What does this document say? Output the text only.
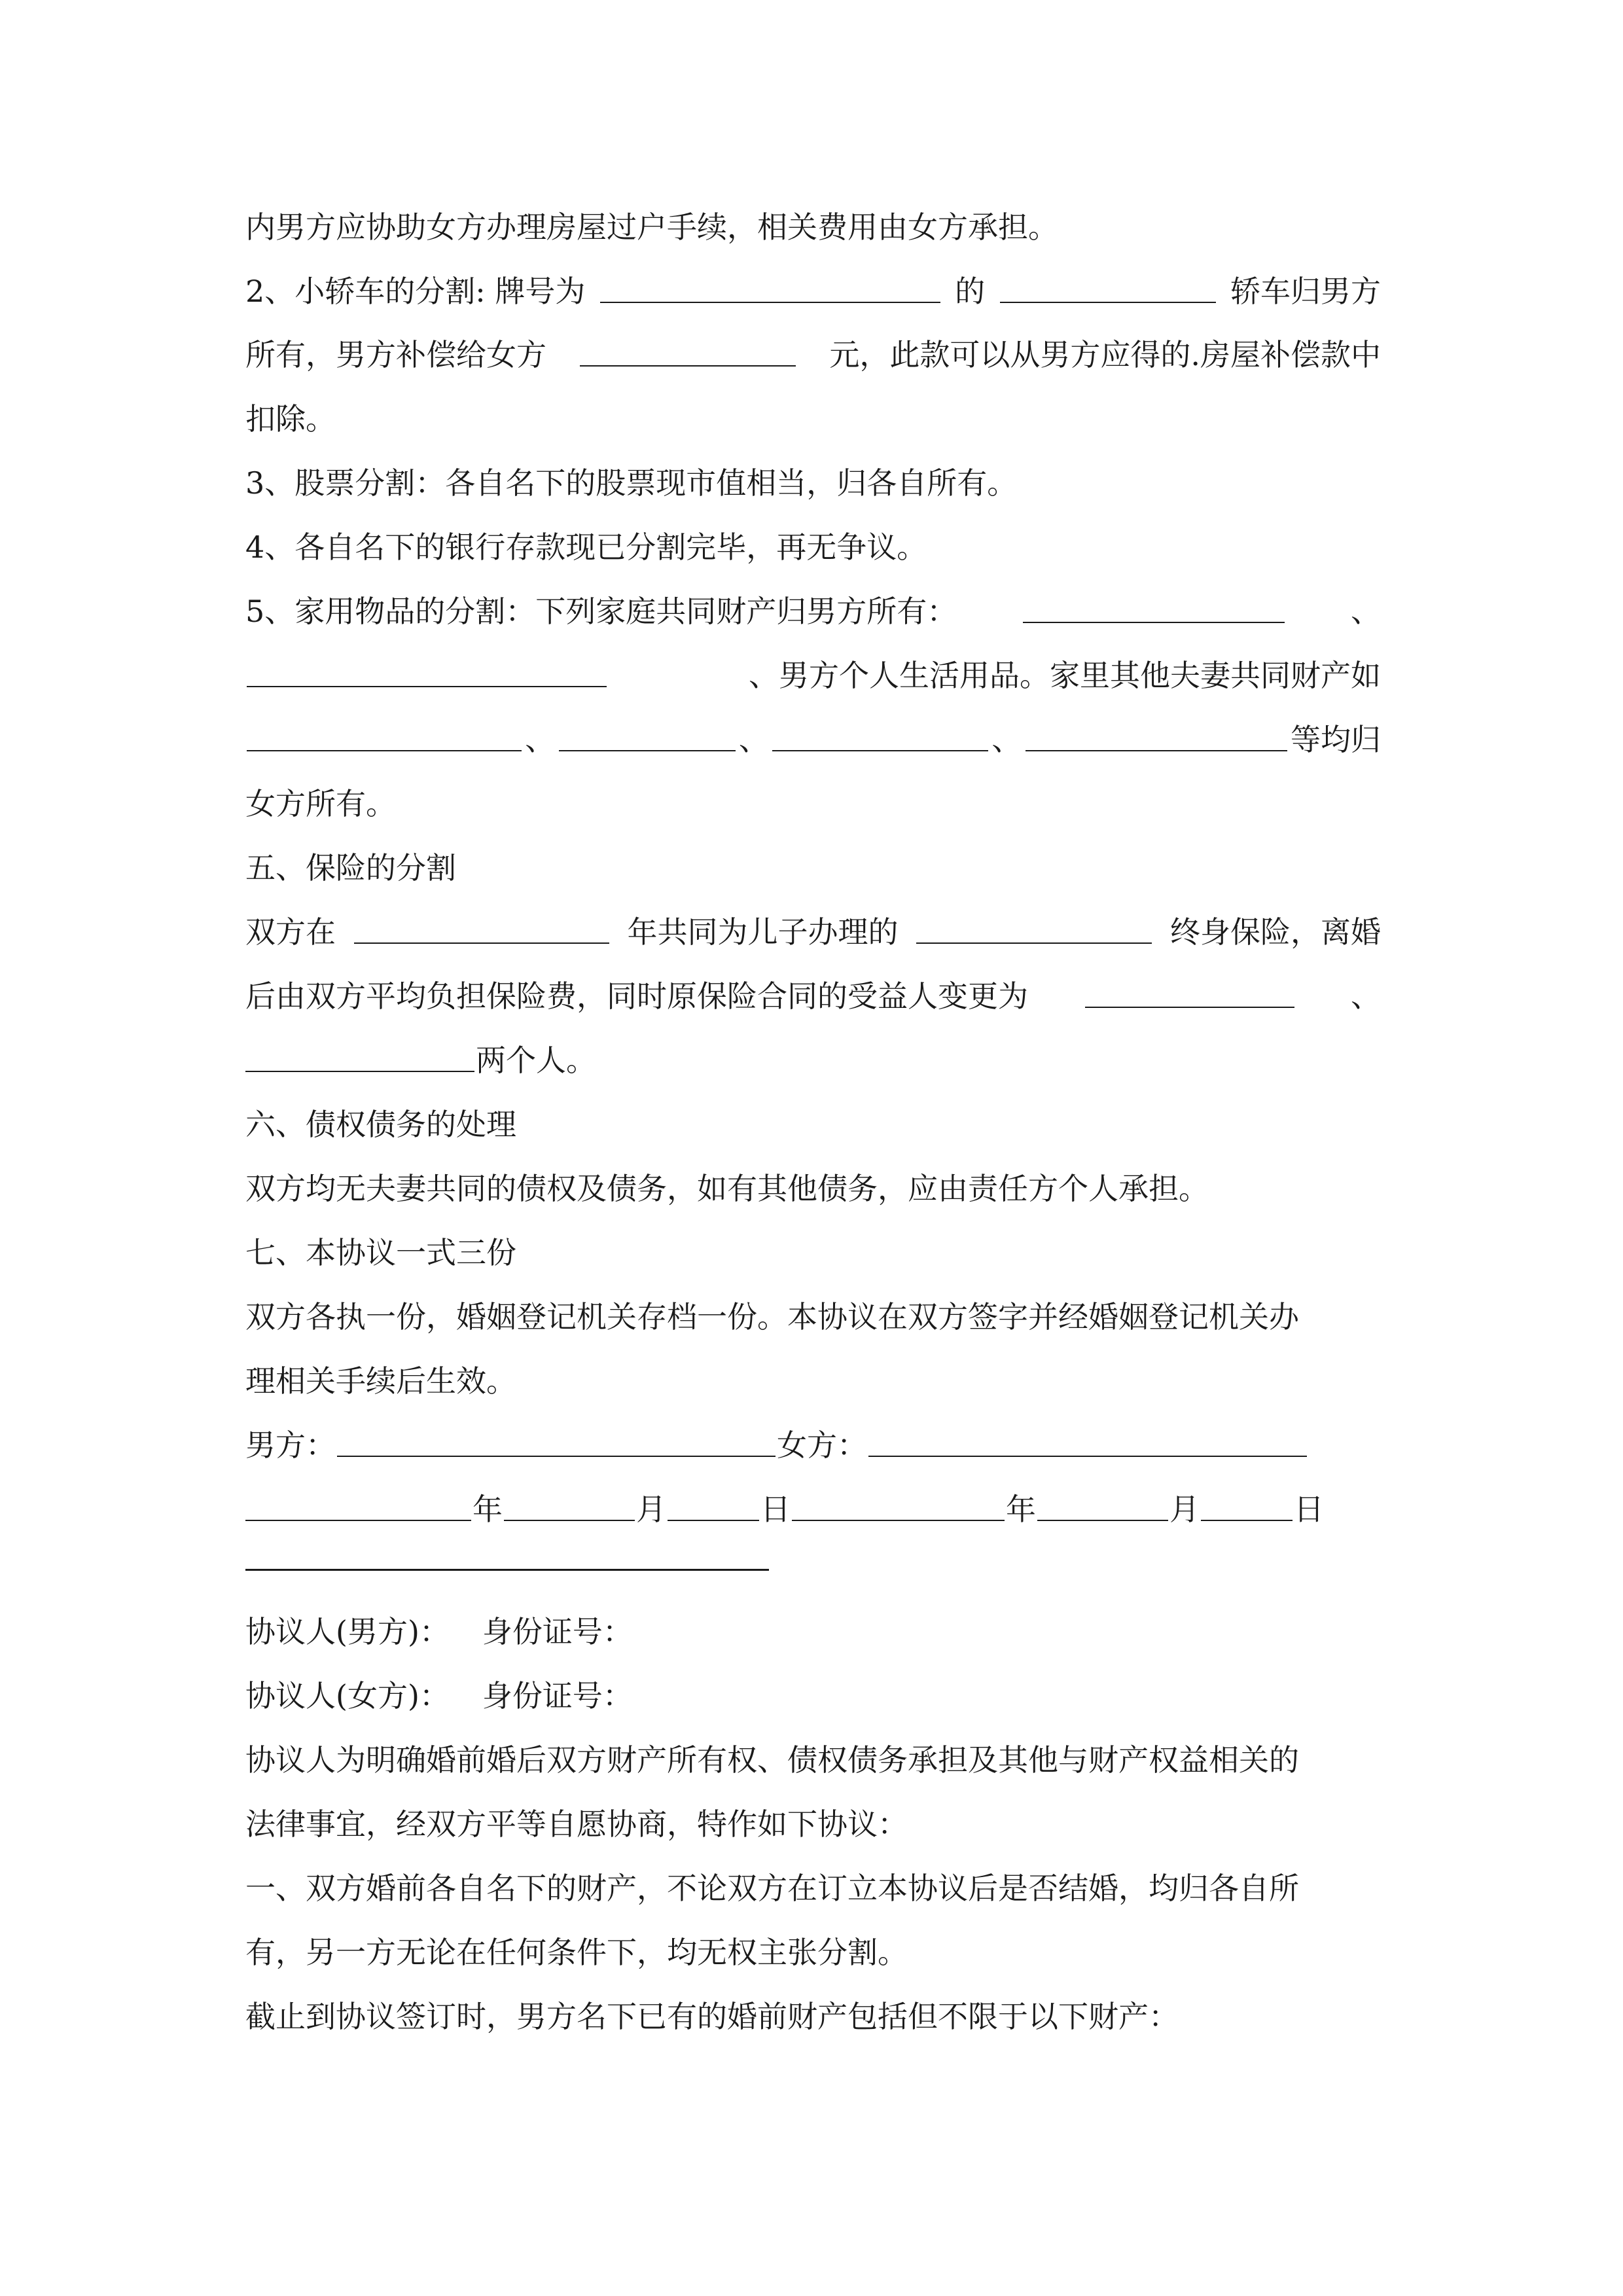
内男方应协助女方办理房屋过户手续，相关费用由女方承担。
2、小轿车的分割: 牌号为	的	轿车归男方
所有，男方补偿给女方	元，此款可以从男方应得的.房屋补偿款中
扣除。
3、股票分割：各自名下的股票现市值相当，归各自所有。
4、各自名下的银行存款现已分割完毕，再无争议。
5、家用物品的分割：下列家庭共同财产归男方所有：	、
、男方个人生活用品。家里其他夫妻共同财产如
、	、	、	等均归
女方所有。
五、保险的分割
双方在	年共同为儿子办理的	终身保险，离婚
后由双方平均负担保险费，同时原保险合同的受益人变更为	、
两个人。
六、债权债务的处理
双方均无夫妻共同的债权及债务，如有其他债务，应由责任方个人承担。
七、本协议一式三份
双方各执一份，婚姻登记机关存档一份。本协议在双方签字并经婚姻登记机关办
理相关手续后生效。
男方：	女方：
年	月	日	年	月	日
协议人(男方)： 身份证号：
协议人(女方)： 身份证号：
协议人为明确婚前婚后双方财产所有权、债权债务承担及其他与财产权益相关的
法律事宜，经双方平等自愿协商，特作如下协议：
一、双方婚前各自名下的财产，不论双方在订立本协议后是否结婚，均归各自所
有，另一方无论在任何条件下，均无权主张分割。
截止到协议签订时，男方名下已有的婚前财产包括但不限于以下财产：
